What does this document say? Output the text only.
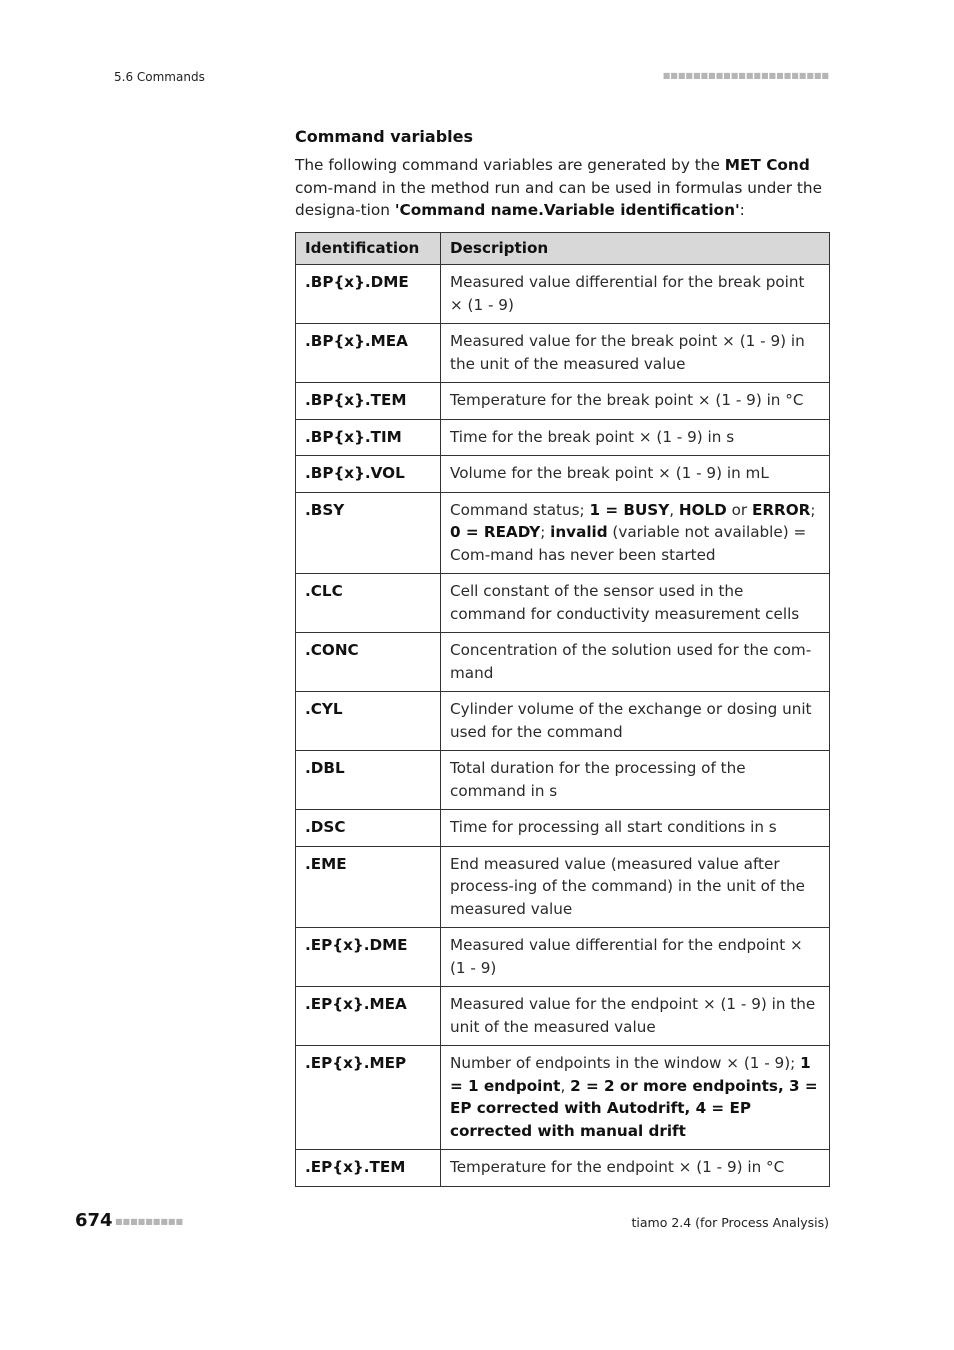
5.6 Commands	■■■■■■■■■■■■■■■■■■■■■■
Command variables

The following command variables are generated by the MET Cond com-mand in the method run and can be used in formulas under the designa-tion 'Command name.Variable identification':

Identification	Description
.BP{x}.DME	Measured value differential for the break point × (1 - 9)
.BP{x}.MEA	Measured value for the break point × (1 - 9) in the unit of the measured value
.BP{x}.TEM	Temperature for the break point × (1 - 9) in °C
.BP{x}.TIM	Time for the break point × (1 - 9) in s
.BP{x}.VOL	Volume for the break point × (1 - 9) in mL
.BSY	Command status; 1 = BUSY, HOLD or ERROR; 0 = READY; invalid (variable not available) = Com-mand has never been started
.CLC	Cell constant of the sensor used in the command for conductivity measurement cells
.CONC	Concentration of the solution used for the com-mand
.CYL	Cylinder volume of the exchange or dosing unit used for the command
.DBL	Total duration for the processing of the command in s
.DSC	Time for processing all start conditions in s
.EME	End measured value (measured value after process-ing of the command) in the unit of the measured value
.EP{x}.DME	Measured value differential for the endpoint × (1 - 9)
.EP{x}.MEA	Measured value for the endpoint × (1 - 9) in the unit of the measured value
.EP{x}.MEP	Number of endpoints in the window × (1 - 9); 1 = 1 endpoint, 2 = 2 or more endpoints, 3 = EP corrected with Autodrift, 4 = EP corrected with manual drift
.EP{x}.TEM	Temperature for the endpoint × (1 - 9) in °C
674 ■■■■■■■■■	tiamo 2.4 (for Process Analysis)
